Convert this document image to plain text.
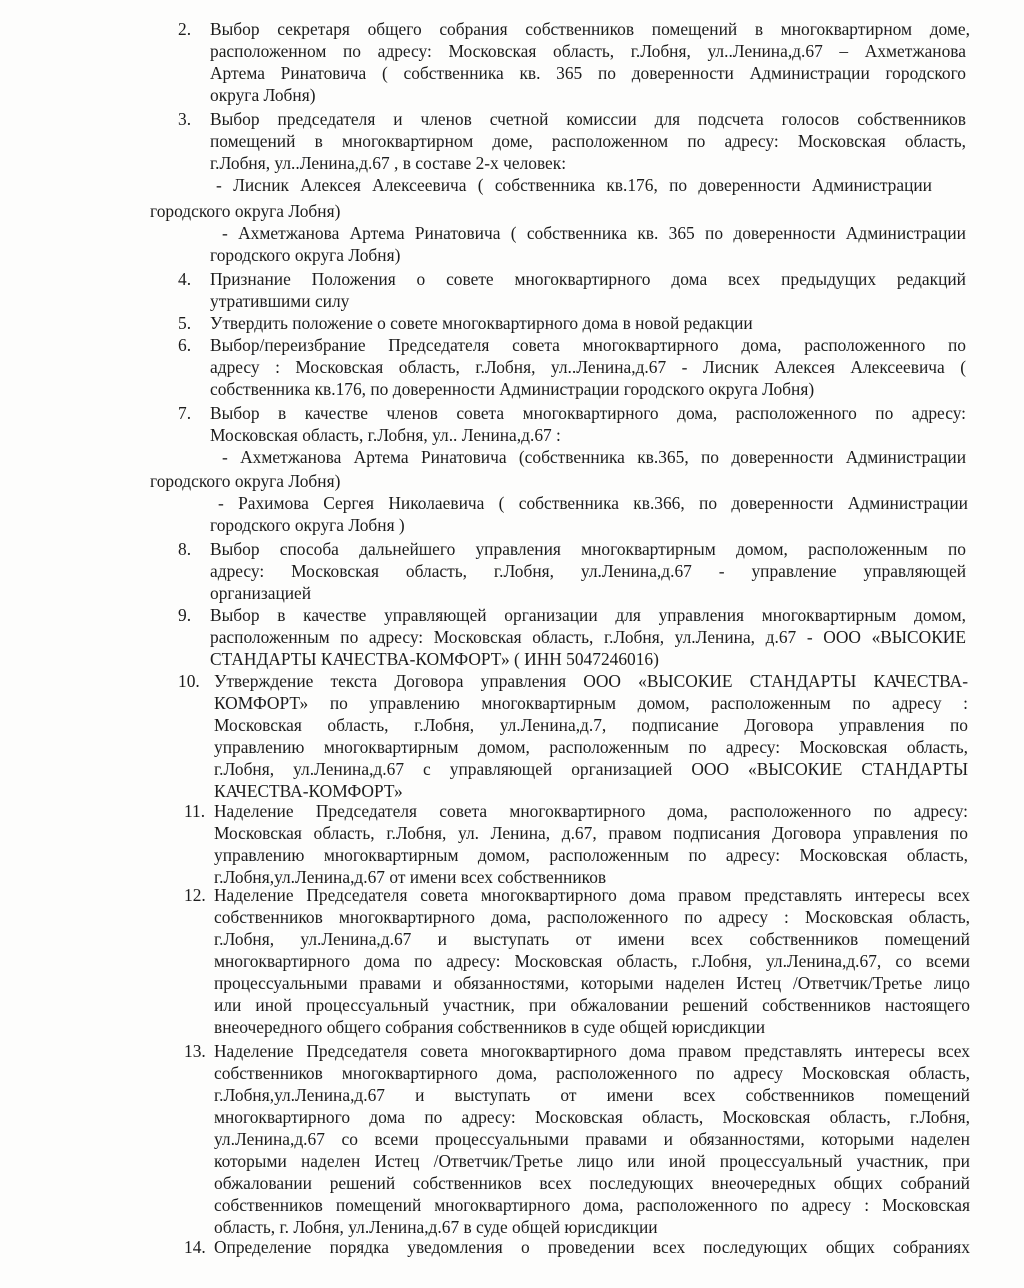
2. Выбор секретаря общего собрания собственников помещений в многоквартирном доме,

расположенном по адресу: Московская область, г.Лобня, ул..Ленина,д.67 – Ахметжанова

Артема Ринатовича ( собственника кв. 365 по доверенности Администрации городского

округа Лобня)

3. Выбор председателя и членов счетной комиссии для подсчета голосов собственников

помещений в многоквартирном доме, расположенном по адресу: Московская область,

г.Лобня, ул..Ленина,д.67 , в составе 2-х человек:

- Лисник Алексея Алексеевича ( собственника кв.176, по доверенности Администрации

городского округа Лобня)

- Ахметжанова Артема Ринатовича ( собственника кв. 365 по доверенности Администрации

городского округа Лобня)

4. Признание Положения о совете многоквартирного дома всех предыдущих редакций

утратившими силу

5. Утвердить положение о совете многоквартирного дома в новой редакции

6. Выбор/переизбрание Председателя совета многоквартирного дома, расположенного по

адресу : Московская область, г.Лобня, ул..Ленина,д.67 - Лисник Алексея Алексеевича (

собственника кв.176, по доверенности Администрации городского округа Лобня)

7. Выбор в качестве членов совета многоквартирного дома, расположенного по адресу:

Московская область, г.Лобня, ул.. Ленина,д.67 :

- Ахметжанова Артема Ринатовича (собственника кв.365, по доверенности Администрации

городского округа Лобня)

- Рахимова Сергея Николаевича ( собственника кв.366, по доверенности Администрации

городского округа Лобня )

8. Выбор способа дальнейшего управления многоквартирным домом, расположенным по

адресу: Московская область, г.Лобня, ул.Ленина,д.67 - управление управляющей

организацией

9. Выбор в качестве управляющей организации для управления многоквартирным домом,

расположенным по адресу: Московская область, г.Лобня, ул.Ленина, д.67 - ООО «ВЫСОКИЕ

СТАНДАРТЫ КАЧЕСТВА-КОМФОРТ» ( ИНН 5047246016)

10. Утверждение текста Договора управления ООО «ВЫСОКИЕ СТАНДАРТЫ КАЧЕСТВА-

КОМФОРТ» по управлению многоквартирным домом, расположенным по адресу :

Московская область, г.Лобня, ул.Ленина,д.7, подписание Договора управления по

управлению многоквартирным домом, расположенным по адресу: Московская область,

г.Лобня, ул.Ленина,д.67 с управляющей организацией ООО «ВЫСОКИЕ СТАНДАРТЫ

КАЧЕСТВА-КОМФОРТ»

11. Наделение Председателя совета многоквартирного дома, расположенного по адресу:

Московская область, г.Лобня, ул. Ленина, д.67, правом подписания Договора управления по

управлению многоквартирным домом, расположенным по адресу: Московская область,

г.Лобня,ул.Ленина,д.67 от имени всех собственников

12. Наделение Председателя совета многоквартирного дома правом представлять интересы всех

собственников многоквартирного дома, расположенного по адресу : Московская область,

г.Лобня, ул.Ленина,д.67 и выступать от имени всех собственников помещений

многоквартирного дома по адресу: Московская область, г.Лобня, ул.Ленина,д.67, со всеми

процессуальными правами и обязанностями, которыми наделен Истец /Ответчик/Третье лицо

или иной процессуальный участник, при обжаловании решений собственников настоящего

внеочередного общего собрания собственников в суде общей юрисдикции

13. Наделение Председателя совета многоквартирного дома правом представлять интересы всех

собственников многоквартирного дома, расположенного по адресу Московская область,

г.Лобня,ул.Ленина,д.67 и выступать от имени всех собственников помещений

многоквартирного дома по адресу: Московская область, Московская область, г.Лобня,

ул.Ленина,д.67 со всеми процессуальными правами и обязанностями, которыми наделен

которыми наделен Истец /Ответчик/Третье лицо или иной процессуальный участник, при

обжаловании решений собственников всех последующих внеочередных общих собраний

собственников помещений многоквартирного дома, расположенного по адресу : Московская

область, г. Лобня, ул.Ленина,д.67 в суде общей юрисдикции

14. Определение порядка уведомления о проведении всех последующих общих собраниях
